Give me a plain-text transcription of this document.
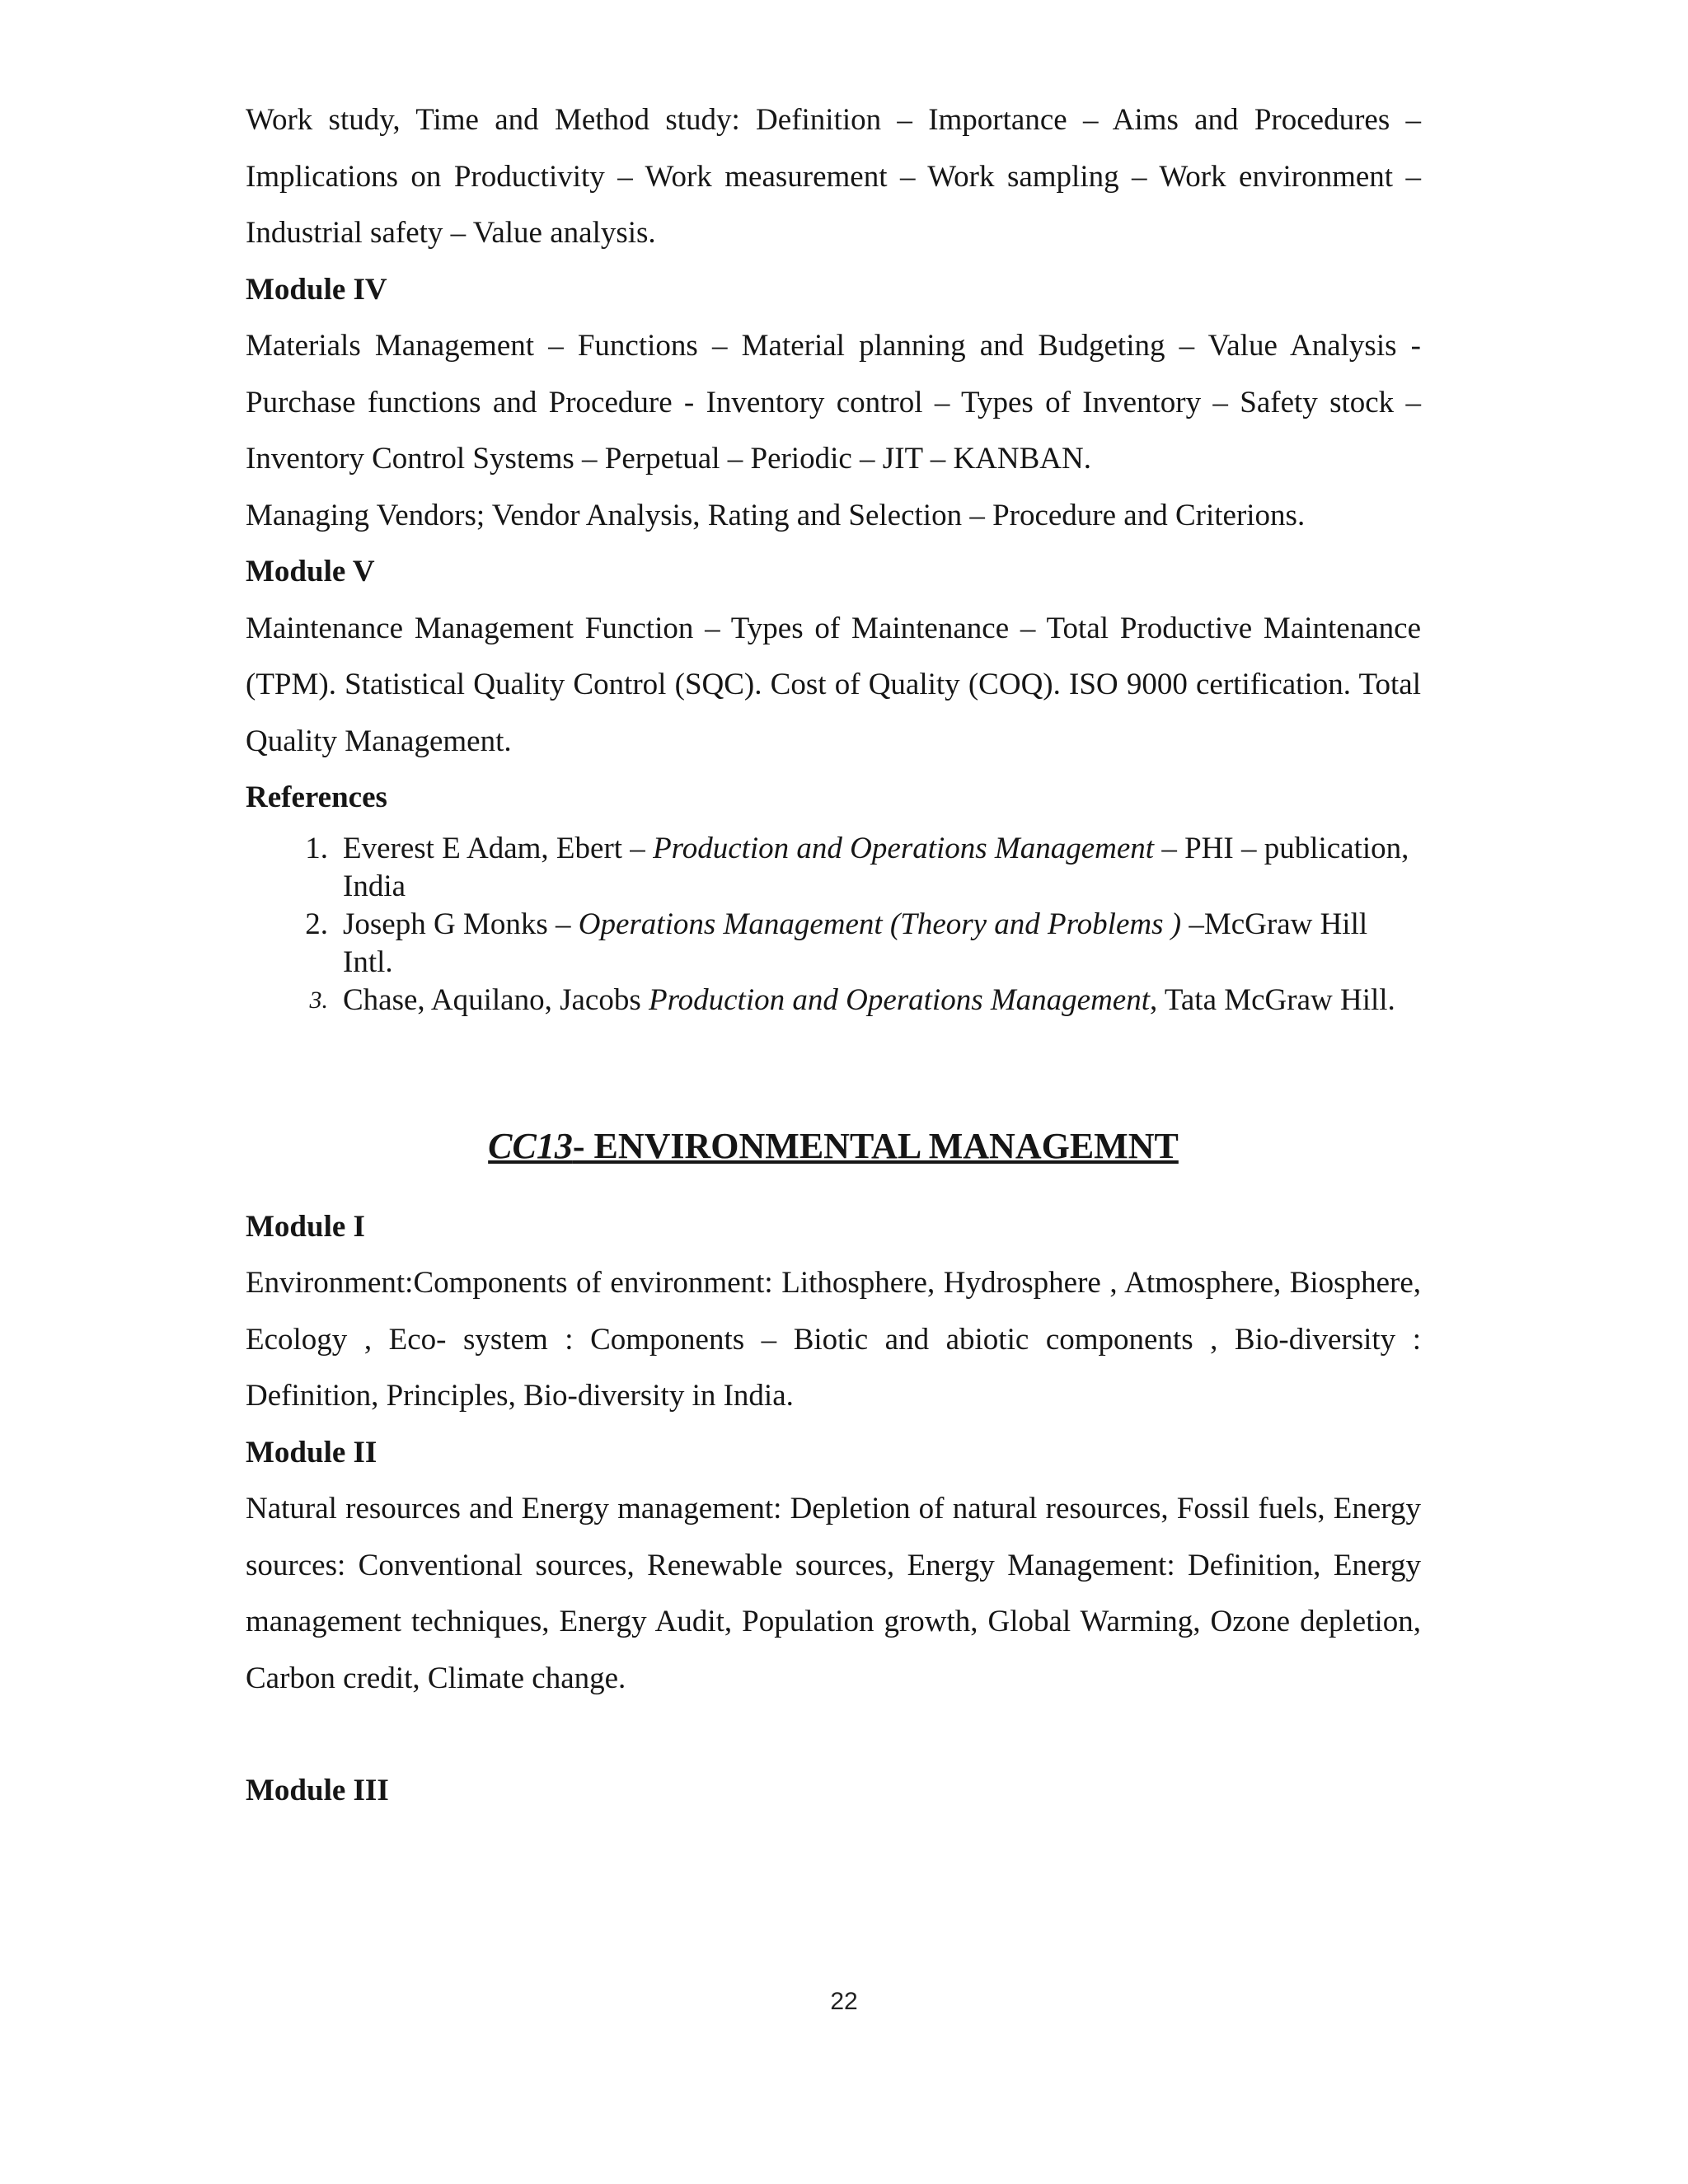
Work study, Time and Method study: Definition – Importance – Aims and Procedures – Implications on Productivity – Work measurement – Work sampling – Work environment – Industrial safety – Value analysis.

Module IV

Materials Management – Functions – Material planning and Budgeting – Value Analysis - Purchase functions and Procedure - Inventory control – Types of Inventory – Safety stock – Inventory Control Systems – Perpetual – Periodic – JIT – KANBAN.

Managing Vendors; Vendor Analysis, Rating and Selection – Procedure and Criterions.

Module V

Maintenance Management Function – Types of Maintenance – Total Productive Maintenance (TPM). Statistical Quality Control (SQC). Cost of Quality (COQ). ISO 9000 certification. Total Quality Management.

References

1. Everest E Adam, Ebert – Production and Operations Management – PHI – publication, India
2. Joseph G Monks – Operations Management (Theory and Problems ) –McGraw Hill Intl.
3. Chase, Aquilano, Jacobs Production and Operations Management, Tata McGraw Hill.

CC13- ENVIRONMENTAL MANAGEMNT

Module I

Environment:Components of environment: Lithosphere, Hydrosphere , Atmosphere, Biosphere, Ecology , Eco- system : Components – Biotic and abiotic components , Bio-diversity : Definition, Principles, Bio-diversity in India.

Module II

Natural resources and Energy management: Depletion of natural resources, Fossil fuels, Energy sources: Conventional sources, Renewable sources, Energy Management: Definition, Energy management techniques, Energy Audit, Population growth, Global Warming, Ozone depletion, Carbon credit, Climate change.

Module III

22
